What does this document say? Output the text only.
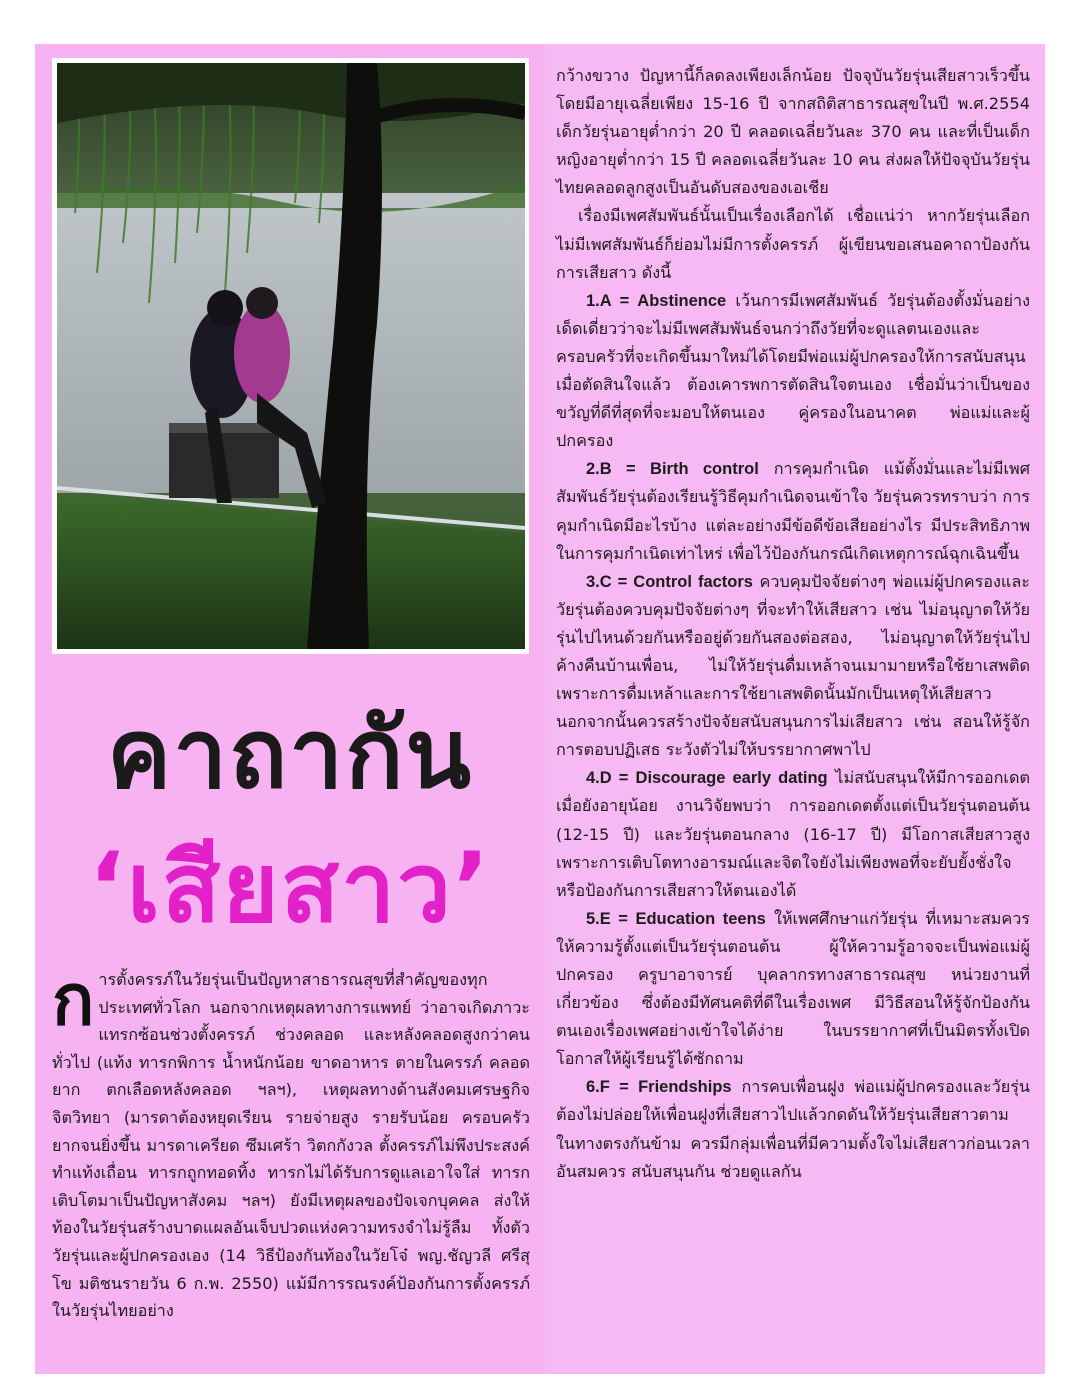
คาถากัน
‘เสียสาว’
การตั้งครรภ์ในวัยรุ่นเป็นปัญหาสาธารณสุขที่สำคัญของทุกประเทศทั่วโลก นอกจากเหตุผลทางการแพทย์ ว่าอาจเกิดภาวะแทรกซ้อนช่วงตั้งครรภ์ ช่วงคลอด และหลังคลอดสูงกว่าคนทั่วไป (แท้ง ทารกพิการ น้ำหนักน้อย ขาดอาหาร ตายในครรภ์ คลอดยาก ตกเลือดหลังคลอด ฯลฯ), เหตุผลทางด้านสังคมเศรษฐกิจ จิตวิทยา (มารดาต้องหยุดเรียน รายจ่ายสูง รายรับน้อย ครอบครัวยากจนยิ่งขึ้น มารดาเครียด ซึมเศร้า วิตกกังวล ตั้งครรภ์ไม่พึงประสงค์ ทำแท้งเถื่อน ทารกถูกทอดทิ้ง ทารกไม่ได้รับการดูแลเอาใจใส่ ทารกเติบโตมาเป็นปัญหาสังคม ฯลฯ) ยังมีเหตุผลของปัจเจกบุคคล ส่งให้ท้องในวัยรุ่นสร้างบาดแผลอันเจ็บปวดแห่งความทรงจำไม่รู้ลืม ทั้งตัววัยรุ่นและผู้ปกครองเอง (14 วิธีป้องกันท้องในวัยโจ๋ พญ.ชัญวลี ศรีสุโข มติชนรายวัน 6 ก.พ. 2550) แม้มีการรณรงค์ป้องกันการตั้งครรภ์ในวัยรุ่นไทยอย่าง

กว้างขวาง ปัญหานี้ก็ลดลงเพียงเล็กน้อย ปัจจุบันวัยรุ่นเสียสาวเร็วขึ้น โดยมีอายุเฉลี่ยเพียง 15-16 ปี จากสถิติสาธารณสุขในปี พ.ศ.2554 เด็กวัยรุ่นอายุต่ำกว่า 20 ปี คลอดเฉลี่ยวันละ 370 คน และที่เป็นเด็กหญิงอายุต่ำกว่า 15 ปี คลอดเฉลี่ยวันละ 10 คน ส่งผลให้ปัจจุบันวัยรุ่นไทยคลอดลูกสูงเป็นอันดับสองของเอเชีย

เรื่องมีเพศสัมพันธ์นั้นเป็นเรื่องเลือกได้ เชื่อแน่ว่า หากวัยรุ่นเลือกไม่มีเพศสัมพันธ์ก็ย่อมไม่มีการตั้งครรภ์ ผู้เขียนขอเสนอคาถาป้องกันการเสียสาว ดังนี้

1.A = Abstinence เว้นการมีเพศสัมพันธ์ วัยรุ่นต้องตั้งมั่นอย่างเด็ดเดี่ยวว่าจะไม่มีเพศสัมพันธ์จนกว่าถึงวัยที่จะดูแลตนเองและครอบครัวที่จะเกิดขึ้นมาใหม่ได้โดยมีพ่อแม่ผู้ปกครองให้การสนับสนุน เมื่อตัดสินใจแล้ว ต้องเคารพการตัดสินใจตนเอง เชื่อมั่นว่าเป็นของขวัญที่ดีที่สุดที่จะมอบให้ตนเอง คู่ครองในอนาคต พ่อแม่และผู้ปกครอง

2.B = Birth control การคุมกำเนิด แม้ตั้งมั่นและไม่มีเพศสัมพันธ์วัยรุ่นต้องเรียนรู้วิธีคุมกำเนิดจนเข้าใจ วัยรุ่นควรทราบว่า การคุมกำเนิดมีอะไรบ้าง แต่ละอย่างมีข้อดีข้อเสียอย่างไร มีประสิทธิภาพในการคุมกำเนิดเท่าไหร่ เพื่อไว้ป้องกันกรณีเกิดเหตุการณ์ฉุกเฉินขึ้น

3.C = Control factors ควบคุมปัจจัยต่างๆ พ่อแม่ผู้ปกครองและวัยรุ่นต้องควบคุมปัจจัยต่างๆ ที่จะทำให้เสียสาว เช่น ไม่อนุญาตให้วัยรุ่นไปไหนด้วยกันหรืออยู่ด้วยกันสองต่อสอง, ไม่อนุญาตให้วัยรุ่นไปค้างคืนบ้านเพื่อน, ไม่ให้วัยรุ่นดื่มเหล้าจนเมามายหรือใช้ยาเสพติดเพราะการดื่มเหล้าและการใช้ยาเสพติดนั้นมักเป็นเหตุให้เสียสาว นอกจากนั้นควรสร้างปัจจัยสนับสนุนการไม่เสียสาว เช่น สอนให้รู้จักการตอบปฏิเสธ ระวังตัวไม่ให้บรรยากาศพาไป

4.D = Discourage early dating ไม่สนับสนุนให้มีการออกเดตเมื่อยังอายุน้อย งานวิจัยพบว่า การออกเดตตั้งแต่เป็นวัยรุ่นตอนต้น (12-15 ปี) และวัยรุ่นตอนกลาง (16-17 ปี) มีโอกาสเสียสาวสูง เพราะการเติบโตทางอารมณ์และจิตใจยังไม่เพียงพอที่จะยับยั้งชั่งใจ หรือป้องกันการเสียสาวให้ตนเองได้

5.E = Education teens ให้เพศศึกษาแก่วัยรุ่น ที่เหมาะสมควรให้ความรู้ตั้งแต่เป็นวัยรุ่นตอนต้น ผู้ให้ความรู้อาจจะเป็นพ่อแม่ผู้ปกครอง ครูบาอาจารย์ บุคลากรทางสาธารณสุข หน่วยงานที่เกี่ยวข้อง ซึ่งต้องมีทัศนคติที่ดีในเรื่องเพศ มีวิธีสอนให้รู้จักป้องกันตนเองเรื่องเพศอย่างเข้าใจได้ง่าย ในบรรยากาศที่เป็นมิตรทั้งเปิดโอกาสให้ผู้เรียนรู้ได้ซักถาม

6.F = Friendships การคบเพื่อนฝูง พ่อแม่ผู้ปกครองและวัยรุ่นต้องไม่ปล่อยให้เพื่อนฝูงที่เสียสาวไปแล้วกดดันให้วัยรุ่นเสียสาวตาม ในทางตรงกันข้าม ควรมีกลุ่มเพื่อนที่มีความตั้งใจไม่เสียสาวก่อนเวลาอันสมควร สนับสนุนกัน ช่วยดูแลกัน
